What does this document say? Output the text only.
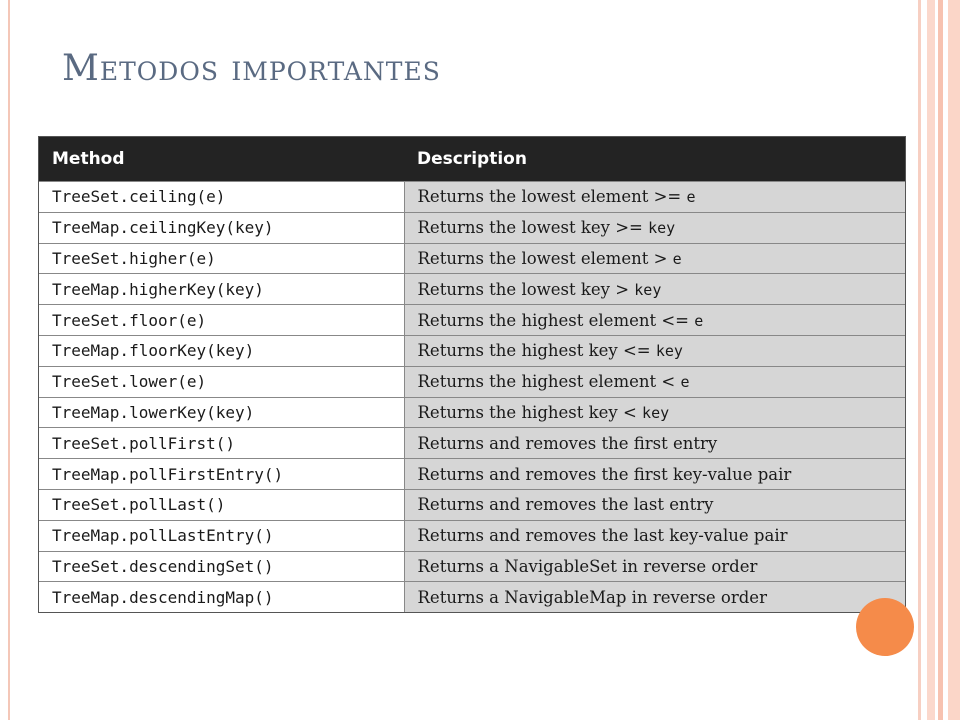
Metodos importantes
Method	Description
TreeSet.ceiling(e)	Returns the lowest element >= e
TreeMap.ceilingKey(key)	Returns the lowest key >= key
TreeSet.higher(e)	Returns the lowest element > e
TreeMap.higherKey(key)	Returns the lowest key > key
TreeSet.floor(e)	Returns the highest element <= e
TreeMap.floorKey(key)	Returns the highest key <= key
TreeSet.lower(e)	Returns the highest element < e
TreeMap.lowerKey(key)	Returns the highest key < key
TreeSet.pollFirst()	Returns and removes the first entry
TreeMap.pollFirstEntry()	Returns and removes the first key-value pair
TreeSet.pollLast()	Returns and removes the last entry
TreeMap.pollLastEntry()	Returns and removes the last key-value pair
TreeSet.descendingSet()	Returns a NavigableSet in reverse order
TreeMap.descendingMap()	Returns a NavigableMap in reverse order
